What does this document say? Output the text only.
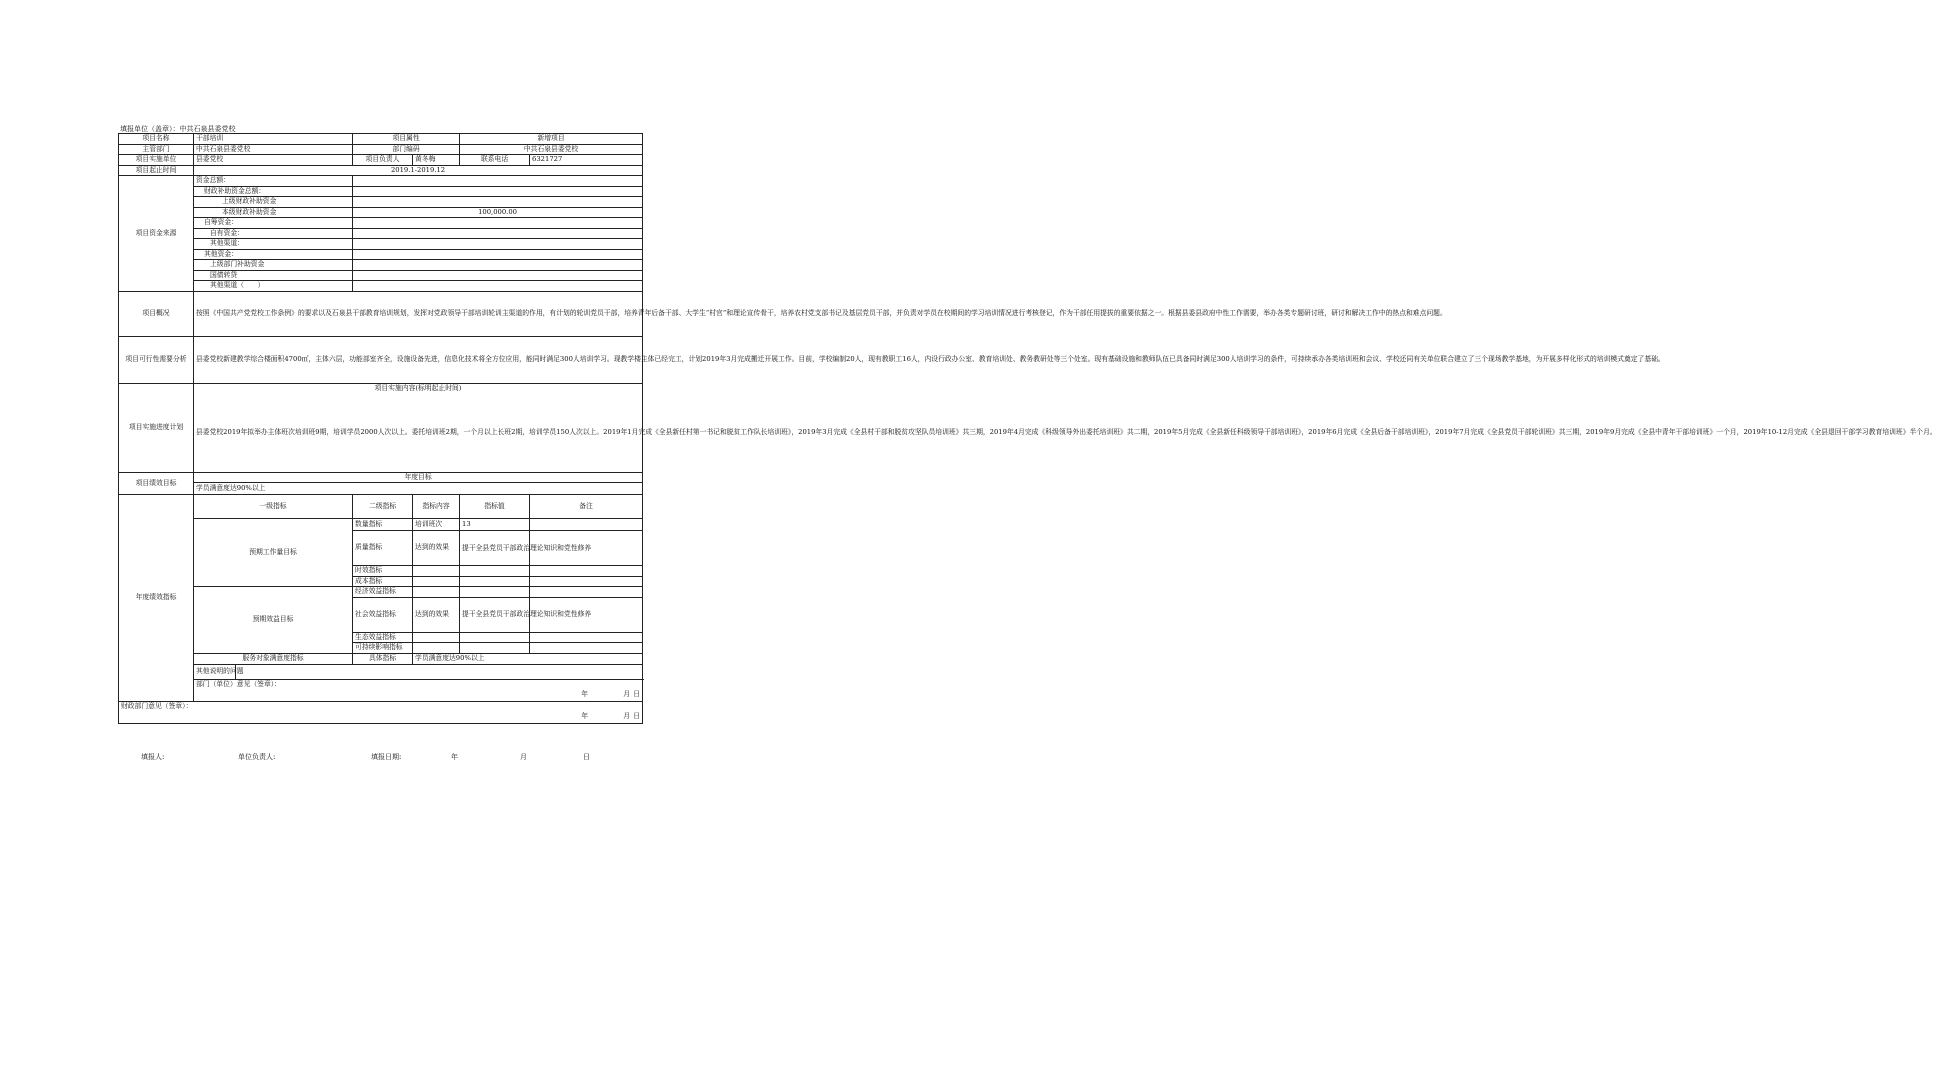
填报单位（盖章）：中共石泉县委党校
项目名称	干部培训		项目属性		新增项目	
主管部门	中共石泉县委党校		部门编码		中共石泉县委党校	
项目实施单位	县委党校		项目负责人	黄冬梅	联系电话	6321727
项目起止时间	2019.1-2019.12					
项目资金来源	资金总额：					
	财政补助资金总额：					
	上级财政补助资金					
	本级财政补助资金		100,000.00			
	自筹资金：					
	自有资金：					
	其他渠道：					
	其他资金：					
	上级部门补助资金					
	国债转贷					
	其他渠道（　　）					
项目概况	按照《中国共产党党校工作条例》的要求以及石泉县干部教育培训规划，发挥对党政领导干部培训轮训主渠道的作用，有计划的轮训党员干部，培养青年后备干部、大学生“村官”和理论宣传骨干，培养农村党支部书记及基层党员干部，并负责对学员在校期间的学习培训情况进行考核登记，作为干部任用提拔的重要依据之一。根据县委县政府中性工作需要，举办各类专题研讨班，研讨和解决工作中的热点和难点问题。					
项目可行性需要分析	县委党校新建教学综合楼面积4700㎡，主体六层，功能部室齐全，设施设备先进，信息化技术将全方位应用，能同时满足300人培训学习。现教学楼主体已经完工，计划2019年3月完成搬迁开展工作。目前，学校编制20人，现有教职工16人，内设行政办公室、教育培训处、教务教研处等三个处室。现有基础设施和教师队伍已具备同时满足300人培训学习的条件，可持续承办各类培训班和会议、学校还同有关单位联合建立了三个现场教学基地，为开展多样化形式的培训模式奠定了基础。					
项目实施进度计划	项目实施内容(标明起止时间)					
	县委党校2019年拟举办主体班次培训班9期，培训学员2000人次以上。委托培训班2期，一个月以上长班2期，培训学员150人次以上。2019年1月完成《全县新任村第一书记和脱贫工作队长培训班》，2019年3月完成《全县村干部和脱贫攻坚队员培训班》共三期，2019年4月完成《科级领导外出委托培训班》共二期，2019年5月完成《全县新任科级领导干部培训班》，2019年6月完成《全县后备干部培训班》，2019年7月完成《全县党员干部轮训班》共三期，2019年9月完成《全县中青年干部培训班》一个月，2019年10-12月完成《全县退回干部学习教育培训班》半个月。					
项目绩效目标	年度目标					
	学员满意度达90%以上					
年度绩效指标	一级指标		二级指标	指标内容	指标值	备注
	预期工作量目标		数量指标	培训班次	13	
			质量指标	达到的效果	提干全县党员干部政治理论知识和党性修养	
			时效指标			
			成本指标			
	预期效益目标		经济效益指标			
			社会效益指标	达到的效果	提干全县党员干部政治理论知识和党性修养	
			生态效益指标			
			可持续影响指标			
	服务对象满意度指标		具体指标	学员满意度达90%以上		
	其他说明的问题					
	部门（单位）意见（签章）：					
	年 月 日					
财政部门意见（签章）：						
年 月 日						
填报人:	单位负责人:	填报日期:	年	月	日
